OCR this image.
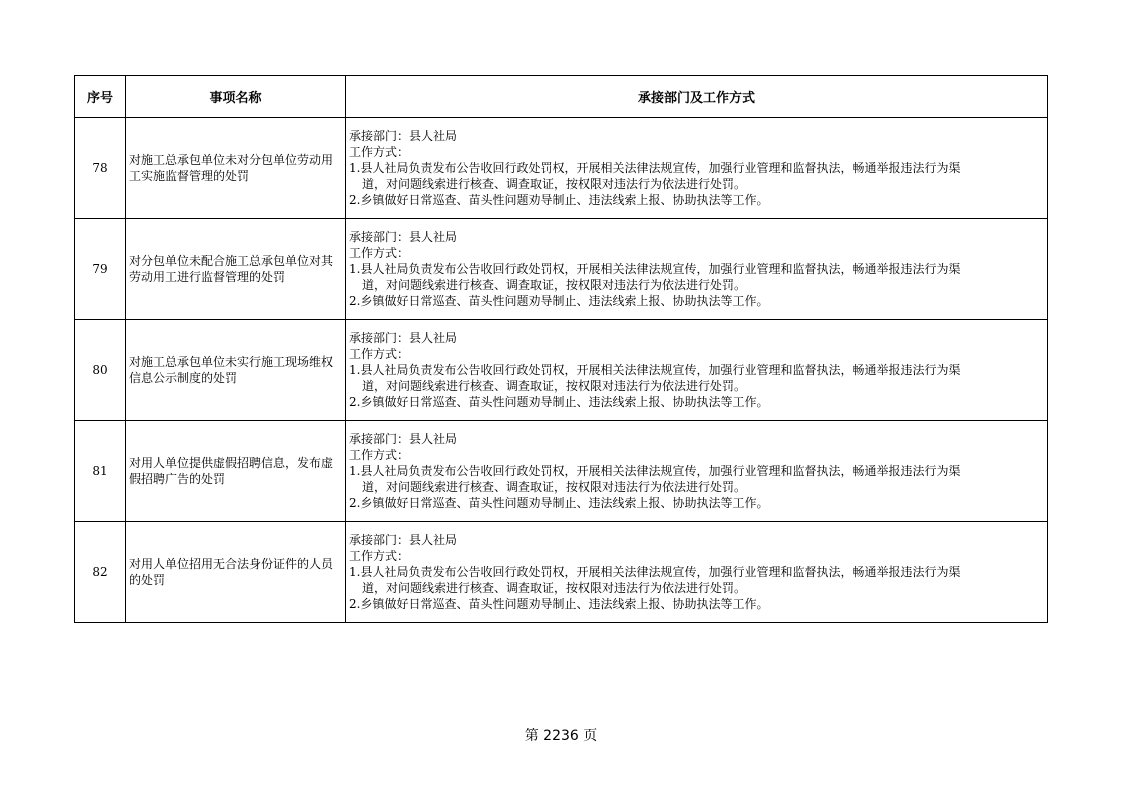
序号	事项名称	承接部门及工作方式
78	对施工总承包单位未对分包单位劳动用工实施监督管理的处罚	承接部门：县人社局
工作方式：
1.县人社局负责发布公告收回行政处罚权，开展相关法律法规宣传，加强行业管理和监督执法，畅通举报违法行为渠
道，对问题线索进行核查、调查取证，按权限对违法行为依法进行处罚。
2.乡镇做好日常巡查、苗头性问题劝导制止、违法线索上报、协助执法等工作。

79	对分包单位未配合施工总承包单位对其劳动用工进行监督管理的处罚	承接部门：县人社局
工作方式：
1.县人社局负责发布公告收回行政处罚权，开展相关法律法规宣传，加强行业管理和监督执法，畅通举报违法行为渠
道，对问题线索进行核查、调查取证，按权限对违法行为依法进行处罚。
2.乡镇做好日常巡查、苗头性问题劝导制止、违法线索上报、协助执法等工作。

80	对施工总承包单位未实行施工现场维权信息公示制度的处罚	承接部门：县人社局
工作方式：
1.县人社局负责发布公告收回行政处罚权，开展相关法律法规宣传，加强行业管理和监督执法，畅通举报违法行为渠
道，对问题线索进行核查、调查取证，按权限对违法行为依法进行处罚。
2.乡镇做好日常巡查、苗头性问题劝导制止、违法线索上报、协助执法等工作。

81	对用人单位提供虚假招聘信息，发布虚假招聘广告的处罚	承接部门：县人社局
工作方式：
1.县人社局负责发布公告收回行政处罚权，开展相关法律法规宣传，加强行业管理和监督执法，畅通举报违法行为渠
道，对问题线索进行核查、调查取证，按权限对违法行为依法进行处罚。
2.乡镇做好日常巡查、苗头性问题劝导制止、违法线索上报、协助执法等工作。

82	对用人单位招用无合法身份证件的人员的处罚	承接部门：县人社局
工作方式：
1.县人社局负责发布公告收回行政处罚权，开展相关法律法规宣传，加强行业管理和监督执法，畅通举报违法行为渠
道，对问题线索进行核查、调查取证，按权限对违法行为依法进行处罚。
2.乡镇做好日常巡查、苗头性问题劝导制止、违法线索上报、协助执法等工作。
第 2236 页
